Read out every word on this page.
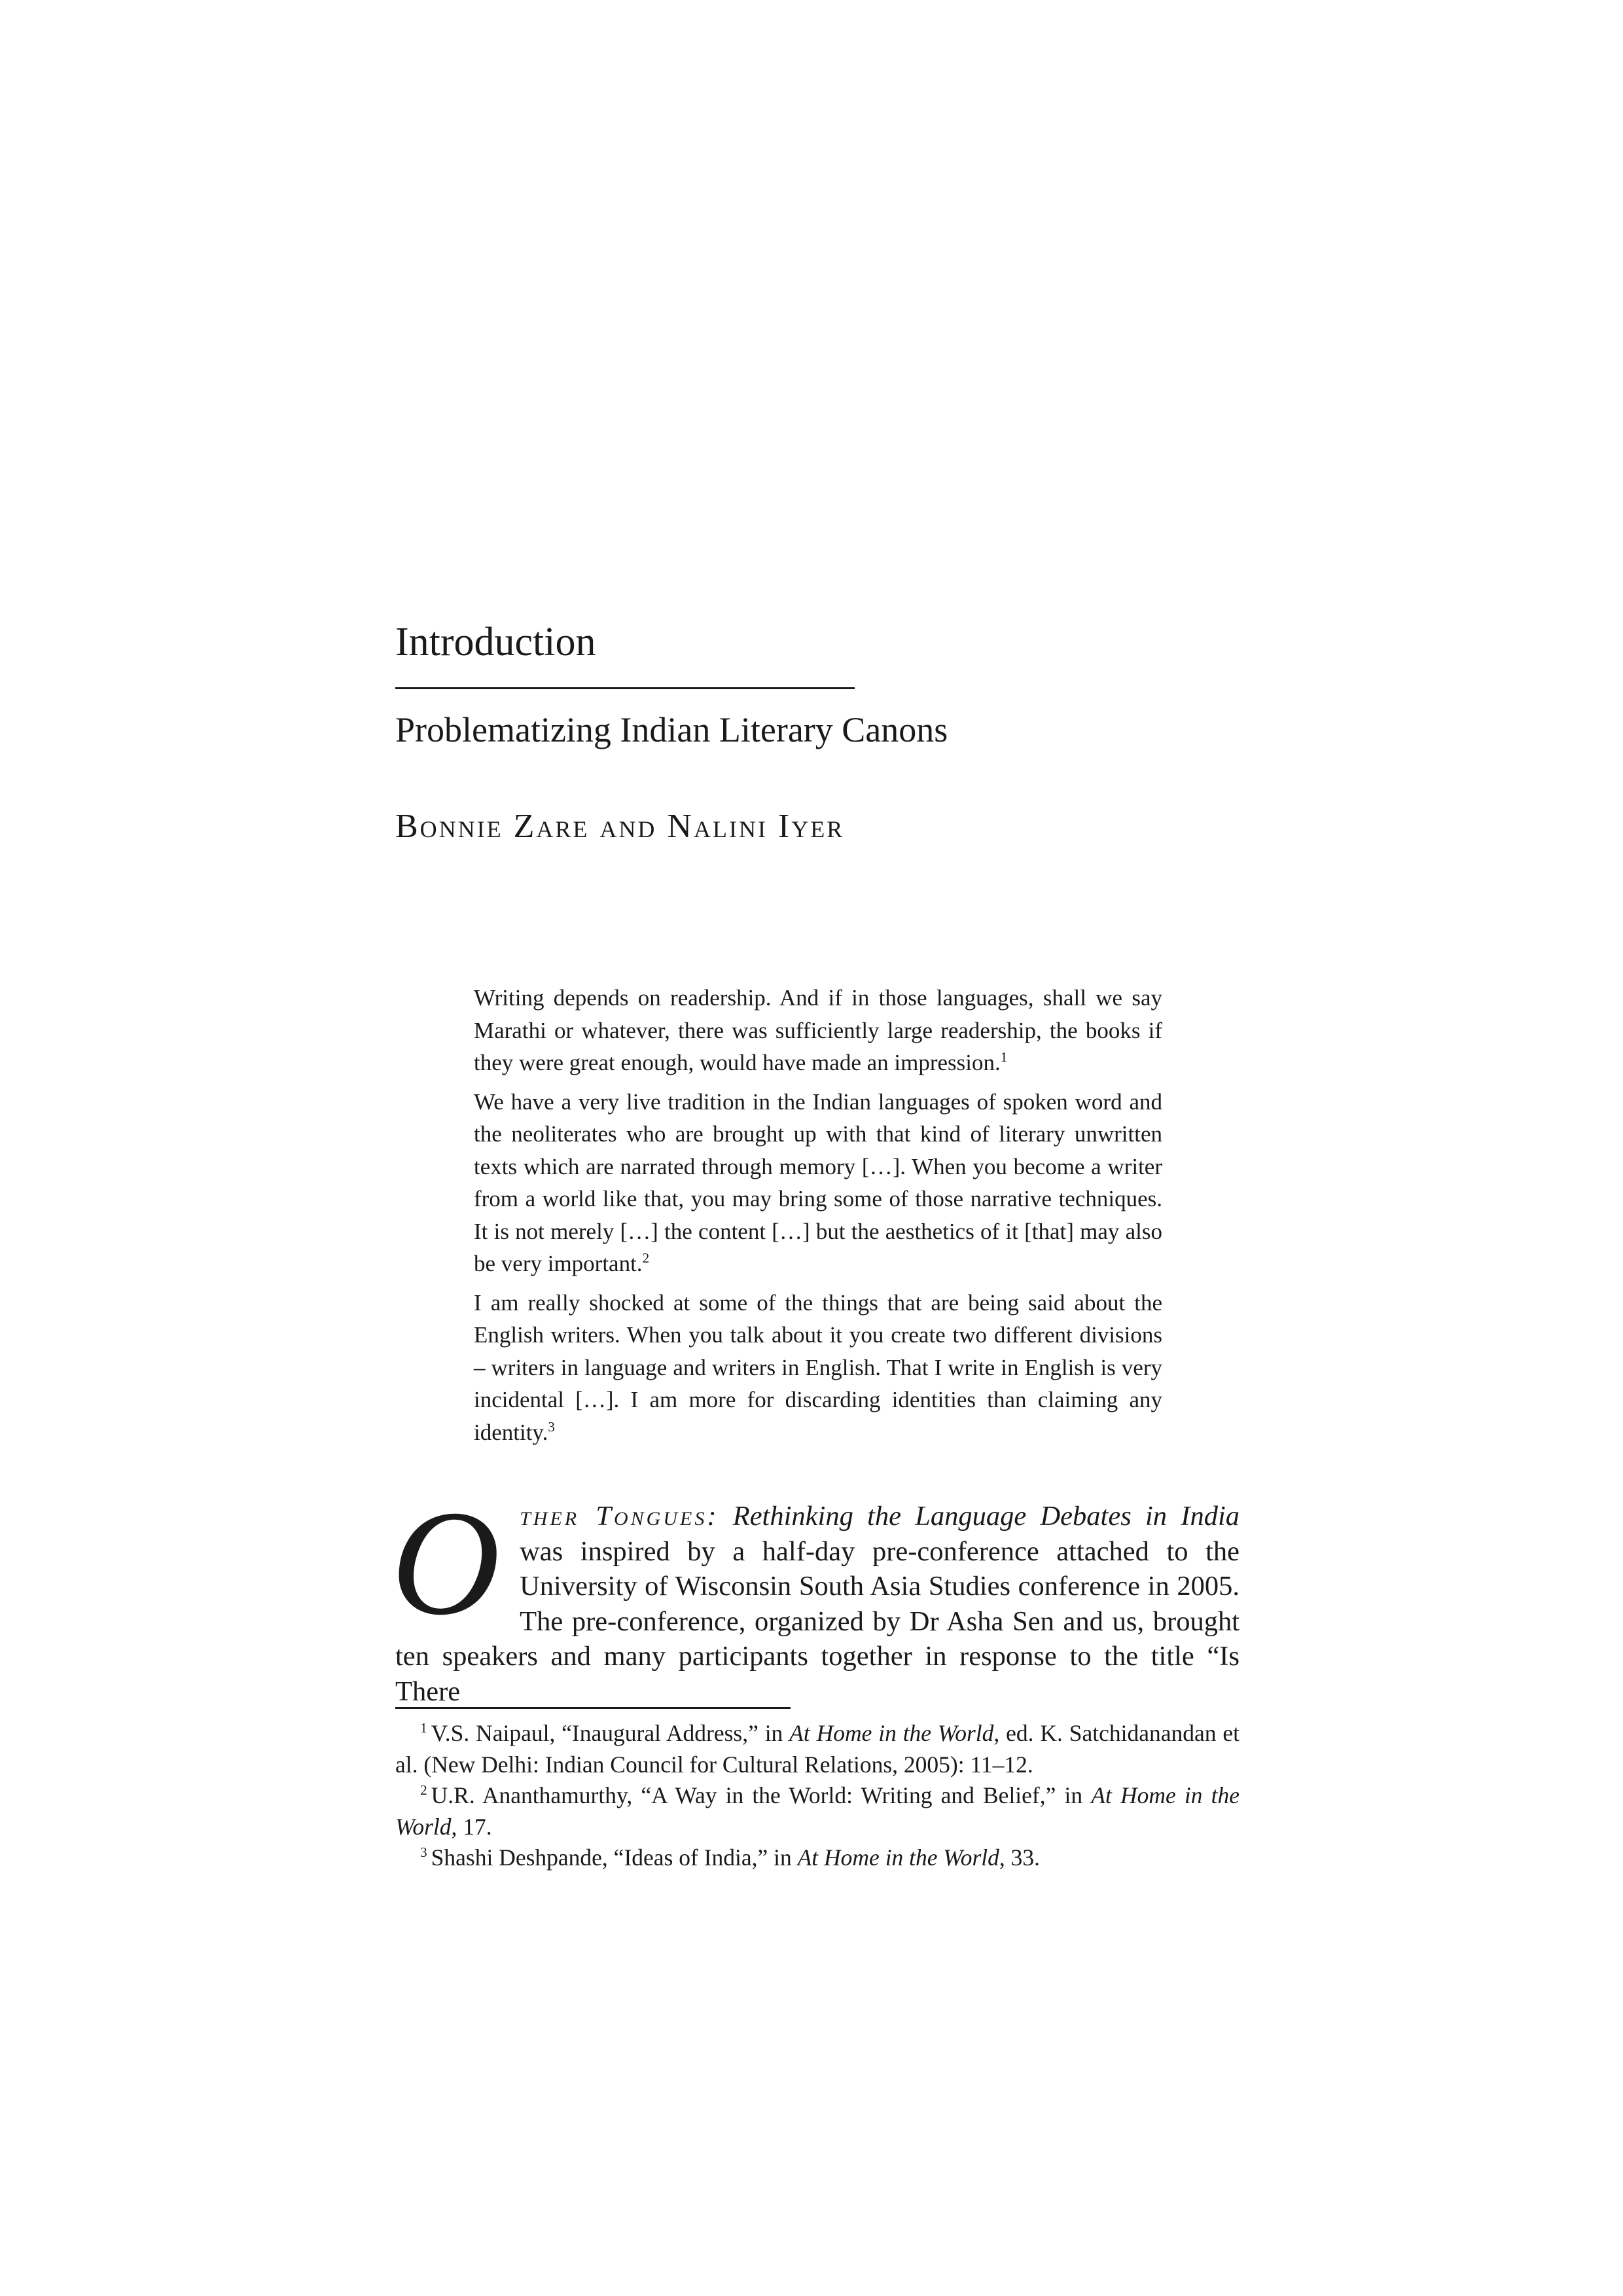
Introduction
Problematizing Indian Literary Canons
Bonnie Zare and Nalini Iyer

Writing depends on readership. And if in those languages, shall we say Marathi or whatever, there was sufficiently large readership, the books if they were great enough, would have made an impression.$^1$

We have a very live tradition in the Indian languages of spoken word and the neoliterates who are brought up with that kind of literary unwritten texts which are narrated through memory […]. When you become a writer from a world like that, you may bring some of those narrative techniques. It is not merely […] the content […] but the aesthetics of it [that] may also be very important.$^2$

I am really shocked at some of the things that are being said about the English writers. When you talk about it you create two different divisions – writers in language and writers in English. That I write in English is very incidental […]. I am more for discarding identities than claiming any identity.$^3$

Other Tongues: Rethinking the Language Debates in India was inspired by a half-day pre-conference attached to the University of Wisconsin South Asia Studies conference in 2005. The pre-conference, organized by Dr Asha Sen and us, brought ten speakers and many participants together in response to the title “Is There

$^1$ V.S. Naipaul, “Inaugural Address,” in At Home in the World, ed. K. Satchidanandan et al. (New Delhi: Indian Council for Cultural Relations, 2005): 11–12.

$^2$ U.R. Ananthamurthy, “A Way in the World: Writing and Belief,” in At Home in the World, 17.

$^3$ Shashi Deshpande, “Ideas of India,” in At Home in the World, 33.
